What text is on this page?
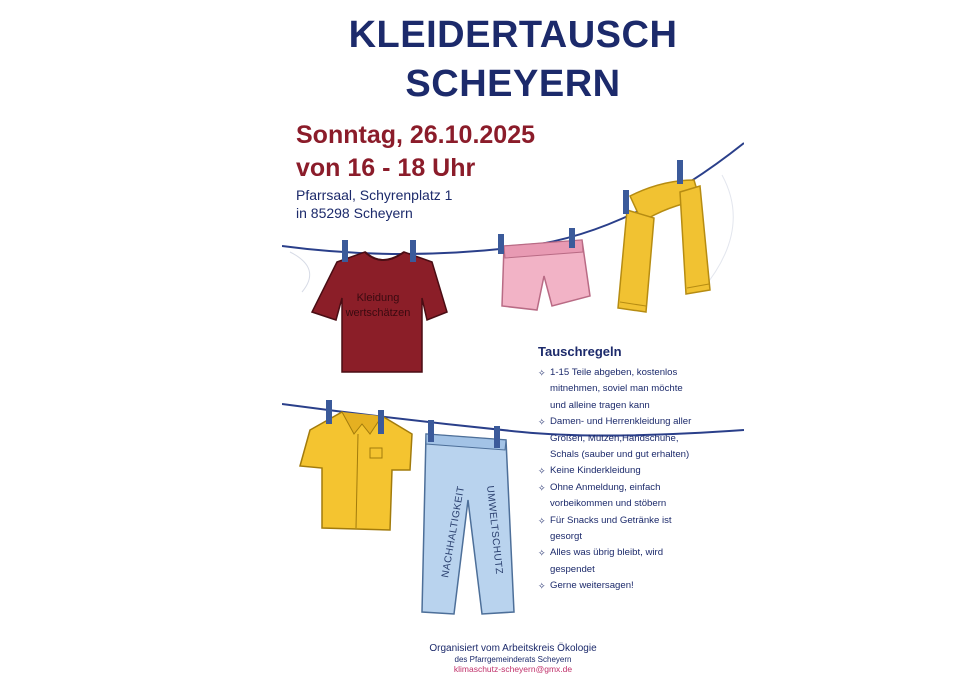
KLEIDERTAUSCH
SCHEYERN
Sonntag, 26.10.2025
von 16 - 18 Uhr
Pfarrsaal, Schyrenplatz 1
in 85298 Scheyern
Kleidung
wertschätzen
NACHHALTIGKEIT UMWELTSCHUTZ
Tauschregeln
✧ 1-15 Teile abgeben, kostenlos
mitnehmen, soviel man möchte
und alleine tragen kann
✧ Damen- und Herrenkleidung aller
Größen, Mützen,Handschuhe,
Schals (sauber und gut erhalten)
✧ Keine Kinderkleidung
✧ Ohne Anmeldung, einfach
vorbeikommen und stöbern
✧ Für Snacks und Getränke ist
gesorgt
✧ Alles was übrig bleibt, wird
gespendet
✧ Gerne weitersagen!
Organisiert vom Arbeitskreis Ökologie
des Pfarrgemeinderats Scheyern
klimaschutz-scheyern@gmx.de
